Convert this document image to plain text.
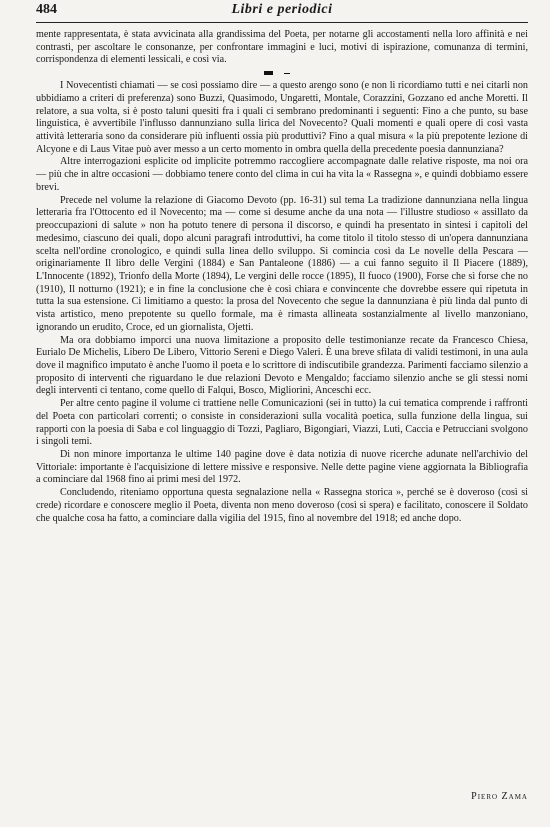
484	Libri e periodici

mente rappresentata, è stata avvicinata alla grandissima del Poeta, per notarne gli accostamenti nella loro affinità e nei contrasti, per ascoltare le consonanze, per confrontare immagini e luci, motivi di ispirazione, comunanza di termini, corrispondenza di elementi lessicali, e così via.

I Novecentisti chiamati — se così possiamo dire — a questo arengo sono (e non li ricordiamo tutti e nei citarli non ubbidiamo a criteri di preferenza) sono Buzzi, Quasimodo, Ungaretti, Montale, Corazzini, Gozzano ed anche Moretti. Il relatore, a sua volta, si è posto taluni quesiti fra i quali ci sembrano predominanti i seguenti: Fino a che punto, su base linguistica, è avvertibile l'influsso dannunziano sulla lirica del Novecento? Quali momenti e quali opere di così vasta attività letteraria sono da considerare più influenti ossia più produttivi? Fino a qual misura « la più prepotente lezione di Alcyone e di Laus Vitae può aver messo a un certo momento in ombra quella della precedente poesia dannunziana?

Altre interrogazioni esplicite od implicite potremmo raccogliere accompagnate dalle relative risposte, ma noi ora — più che in altre occasioni — dobbiamo tenere conto del clima in cui ha vita la « Rassegna », e quindi dobbiamo essere brevi.

Precede nel volume la relazione di Giacomo Devoto (pp. 16-31) sul tema La tradizione dannunziana nella lingua letteraria fra l'Ottocento ed il Novecento; ma — come si desume anche da una nota — l'illustre studioso « assillato da preoccupazioni di salute » non ha potuto tenere di persona il discorso, e quindi ha presentato in sintesi i capitoli del medesimo, ciascuno dei quali, dopo alcuni paragrafi introduttivi, ha come titolo il titolo stesso di un'opera dannunziana scelta nell'ordine cronologico, e quindi sulla linea dello sviluppo. Si comincia così da Le novelle della Pescara — originariamente Il libro delle Vergini (1884) e San Pantaleone (1886) — a cui fanno seguito il Il Piacere (1889), L'Innocente (1892), Trionfo della Morte (1894), Le vergini delle rocce (1895), Il fuoco (1900), Forse che sì forse che no (1910), Il notturno (1921); e in fine la conclusione che è così chiara e convincente che dovrebbe essere qui ripetuta in tutta la sua estensione. Ci limitiamo a questo: la prosa del Novecento che segue la dannunziana è più linda dal punto di vista artistico, meno prepotente su quello formale, ma è rimasta allineata sostanzialmente al livello manzoniano, ignorando un erudito, Croce, ed un giornalista, Ojetti.

Ma ora dobbiamo imporci una nuova limitazione a proposito delle testimonianze recate da Francesco Chiesa, Eurialo De Michelis, Libero De Libero, Vittorio Sereni e Diego Valeri. È una breve sfilata di validi testimoni, in una aula dove il magnifico imputato è anche l'uomo il poeta e lo scrittore di indiscutibile grandezza. Parimenti facciamo silenzio a proposito di interventi che riguardano le due relazioni Devoto e Mengaldo; facciamo silenzio anche se gli stessi nomi degli interventi ci tentano, come quello di Falqui, Bosco, Migliorini, Anceschi ecc.

Per altre cento pagine il volume ci trattiene nelle Comunicazioni (sei in tutto) la cui tematica comprende i raffronti del Poeta con particolari correnti; o consiste in considerazioni sulla vocalità poetica, sulla funzione della lingua, sui rapporti con la poesia di Saba e col linguaggio di Tozzi, Pagliaro, Bigongiari, Viazzi, Luti, Caccia e Petrucciani svolgono i singoli temi.

Di non minore importanza le ultime 140 pagine dove è data notizia di nuove ricerche adunate nell'archivio del Vittoriale: importante è l'acquisizione di lettere missive e responsive. Nelle dette pagine viene aggiornata la Bibliografia a cominciare dal 1968 fino ai primi mesi del 1972.

Concludendo, riteniamo opportuna questa segnalazione nella « Rassegna storica », perché se è doveroso (così si crede) ricordare e conoscere meglio il Poeta, diventa non meno doveroso (così si spera) e facilitato, conoscere il Soldato che qualche cosa ha fatto, a cominciare dalla vigilia del 1915, fino al novembre del 1918; ed anche dopo.

Piero Zama
